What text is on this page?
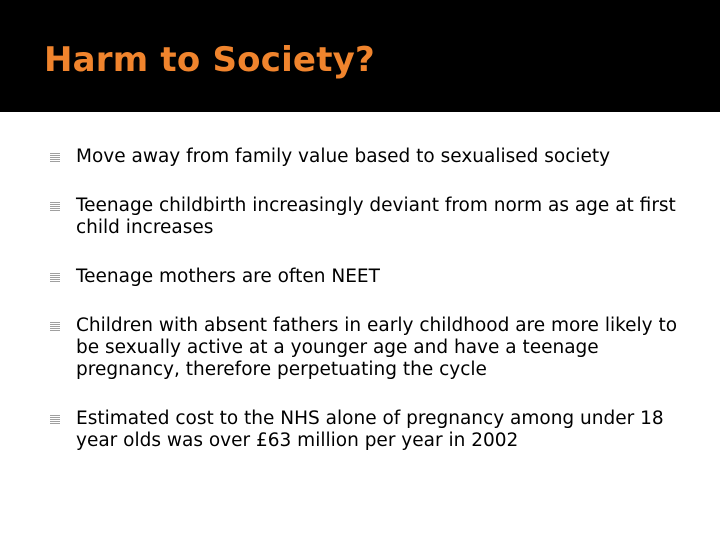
Harm to Society?
Move away from family value based to sexualised society
Teenage childbirth increasingly deviant from norm as age at first child increases
Teenage mothers are often NEET
Children with absent fathers in early childhood are more likely to be sexually active at a younger age and have a teenage pregnancy, therefore perpetuating the cycle
Estimated cost to the NHS alone of pregnancy among under 18 year olds was over £63 million per year in 2002
